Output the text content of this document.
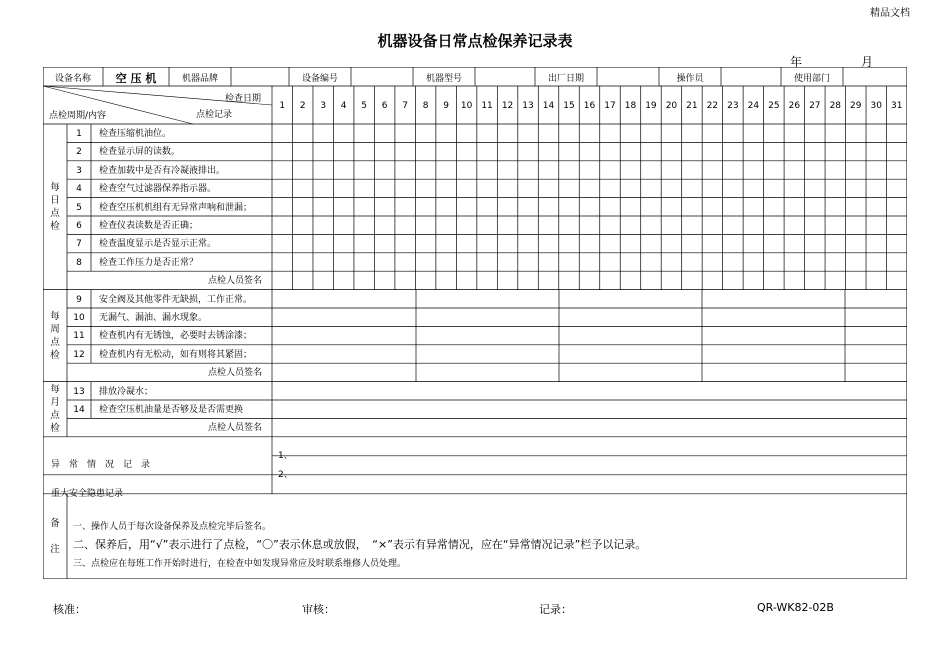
精品文档
机器设备日常点检保养记录表
年	月
设备名称	空 压 机	机器品牌	设备编号	机器型号	出厂日期	操作员	使用部门
检查日期
点检记录
点检周期/内容
1	2	3	4	5	6	7	8	9	10	11	12	13	14	15	16	17	18	19	20	21	22	23	24	25	26	27	28	29	30	31
1	检查压缩机油位。
2	检查显示屏的读数。
3	检查加载中是否有冷凝液排出。
4	检查空气过滤器保养指示器。
5	检查空压机机组有无异常声响和泄漏；
6	检查仪表读数是否正确；
7	检查温度显示是否显示正常。
8	检查工作压力是否正常？
点检人员签名
每
日
点
检
9	安全阀及其他零件无缺损，工作正常。
10	无漏气、漏油、漏水现象。
11	检查机内有无锈蚀，必要时去锈涂漆；
12	检查机内有无松动，如有则将其紧固；
点检人员签名
每
周
点
检
13	排放冷凝水；
14	检查空压机油量是否够及是否需更换
点检人员签名
每
月
点
检
异　常　情　况　记　录
1、
2、
重大安全隐患记录
备

注
一、操作人员于每次设备保养及点检完毕后签名。
二、保养后，用“√”表示进行了点检，“〇”表示休息或放假，　“×”表示有异常情况，应在“异常情况记录”栏予以记录。
三、点检应在每班工作开始时进行，在检查中如发现异常应及时联系维修人员处理。
核准：	审核：	记录：	QR-WK82-02B
